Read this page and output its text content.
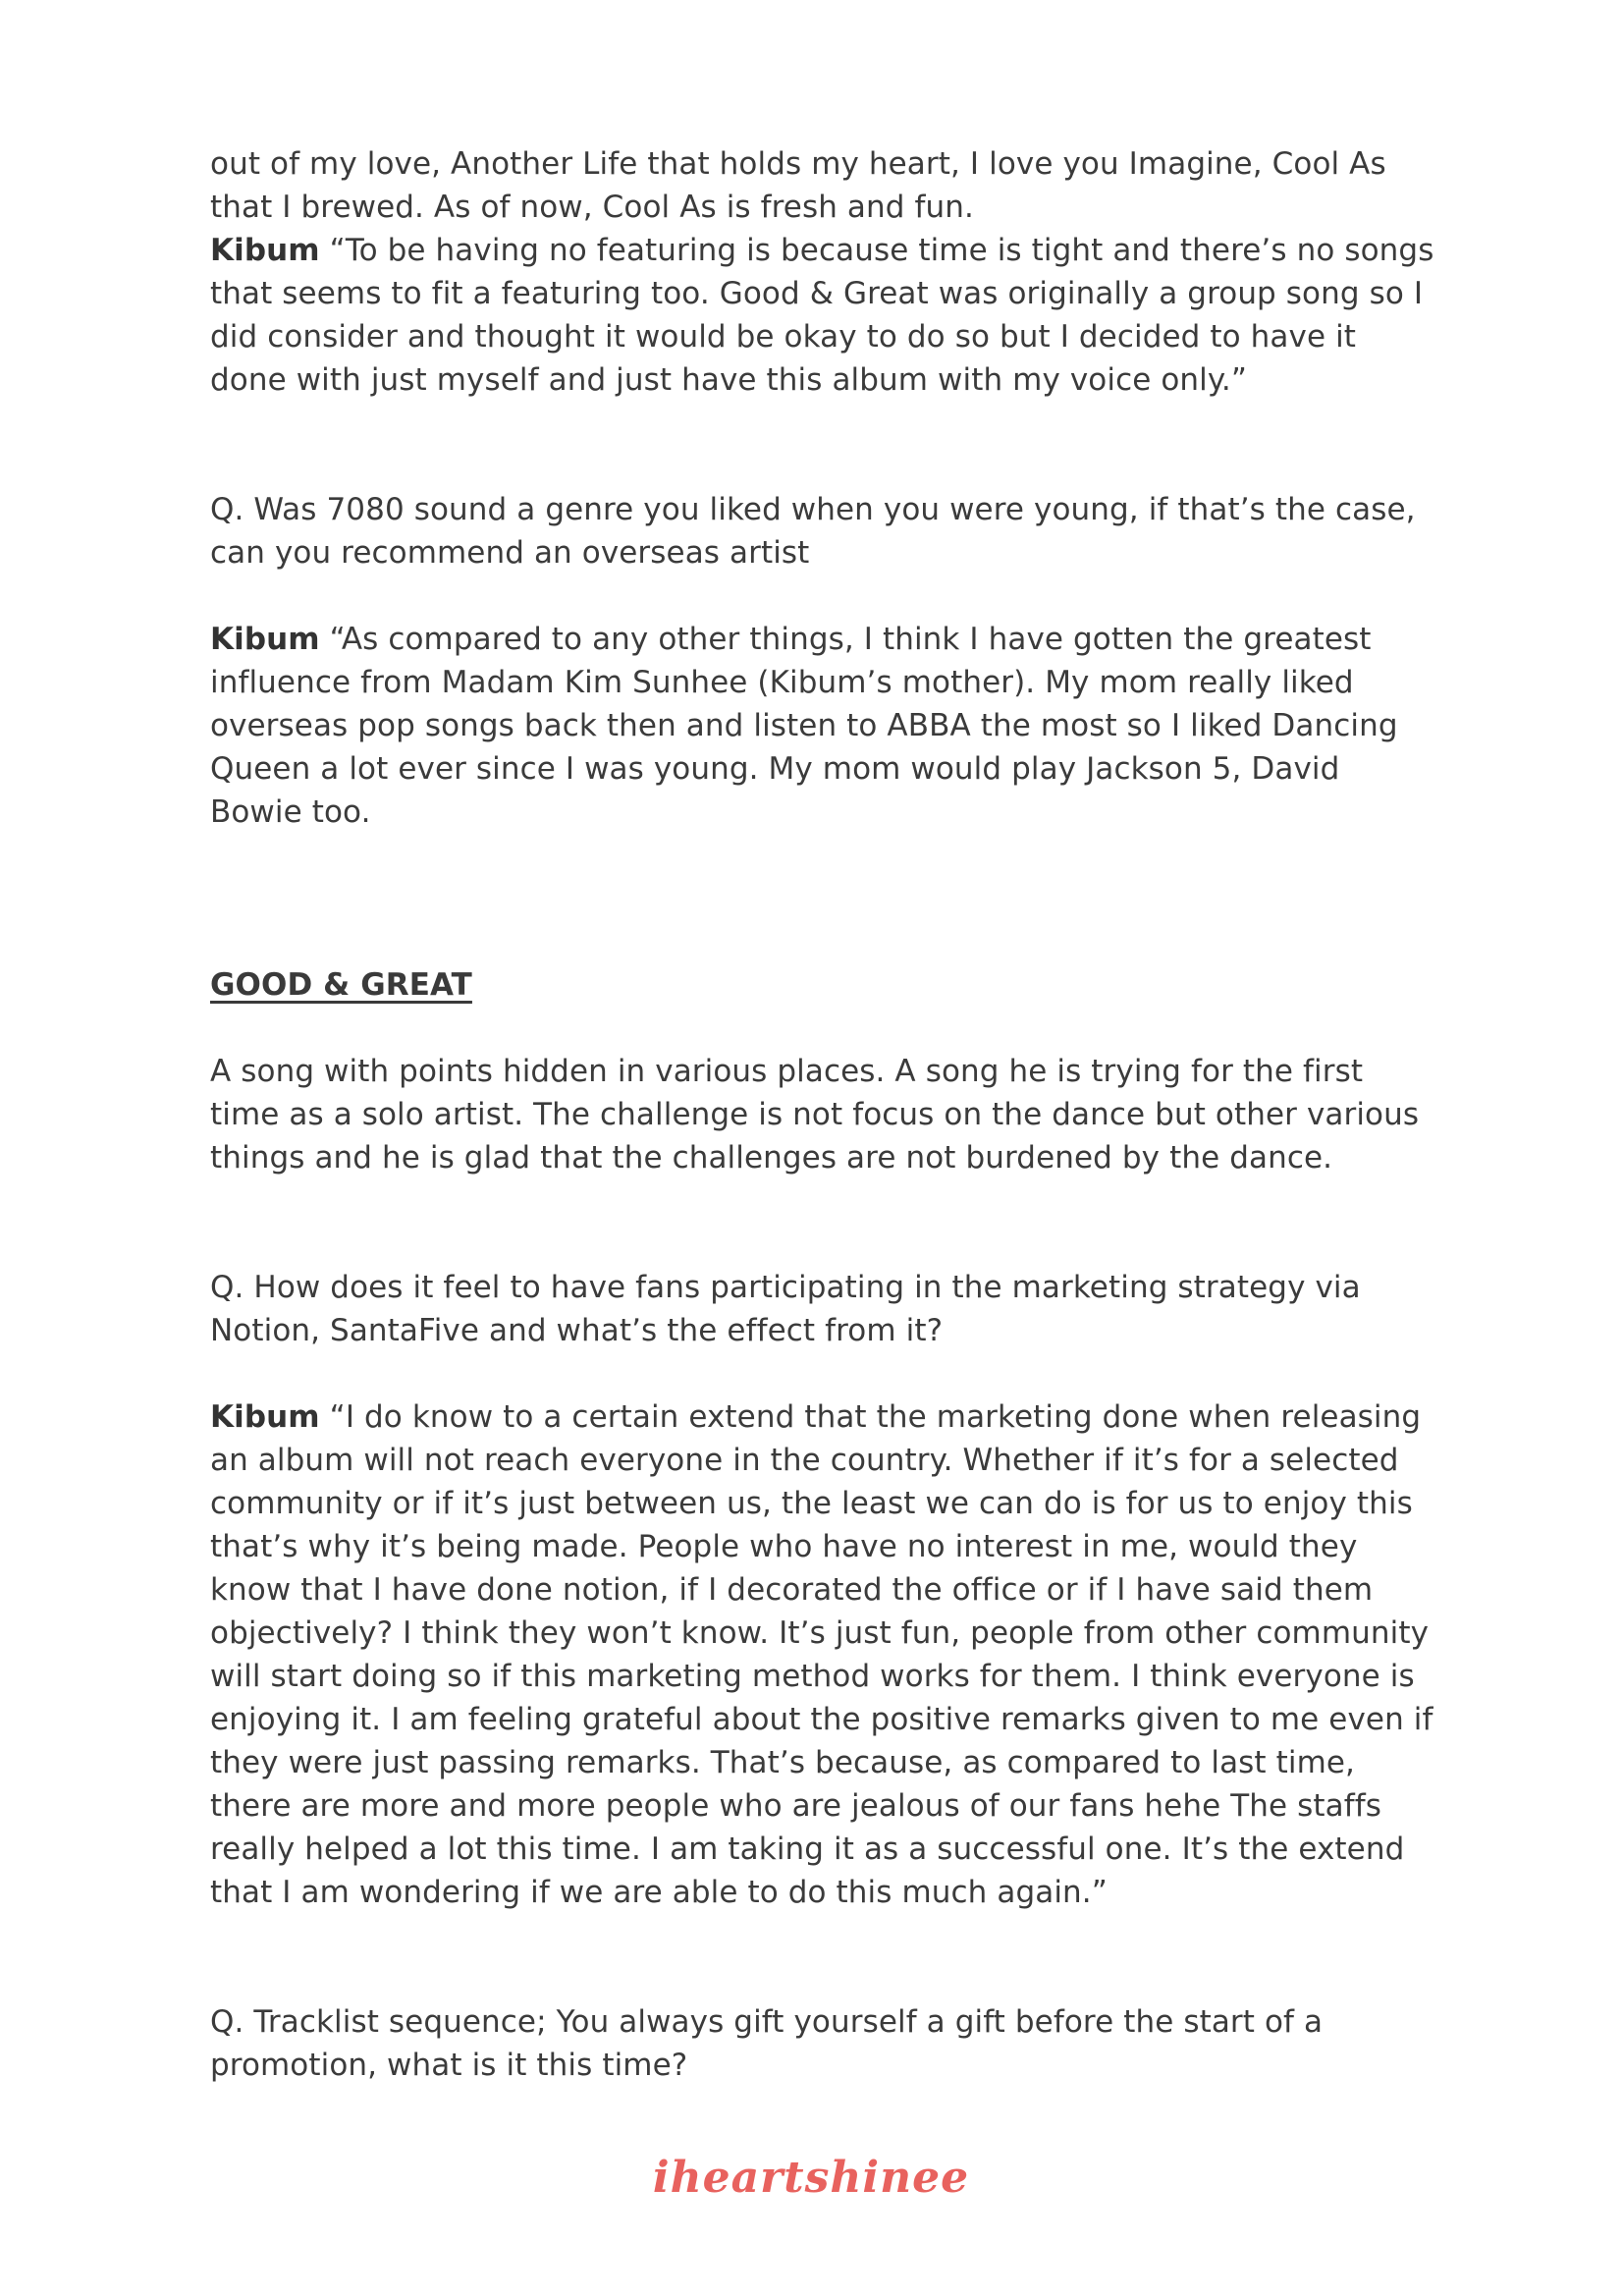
out of my love, Another Life that holds my heart, I love you Imagine, Cool As that I brewed. As of now, Cool As is fresh and fun.

Kibum “To be having no featuring is because time is tight and there’s no songs that seems to fit a featuring too. Good & Great was originally a group song so I did consider and thought it would be okay to do so but I decided to have it done with just myself and just have this album with my voice only.”

Q. Was 7080 sound a genre you liked when you were young, if that’s the case, can you recommend an overseas artist

Kibum “As compared to any other things, I think I have gotten the greatest influence from Madam Kim Sunhee (Kibum’s mother). My mom really liked overseas pop songs back then and listen to ABBA the most so I liked Dancing Queen a lot ever since I was young. My mom would play Jackson 5, David Bowie too.

GOOD & GREAT

A song with points hidden in various places. A song he is trying for the first time as a solo artist. The challenge is not focus on the dance but other various things and he is glad that the challenges are not burdened by the dance.

Q. How does it feel to have fans participating in the marketing strategy via Notion, SantaFive and what’s the effect from it?

Kibum “I do know to a certain extend that the marketing done when releasing an album will not reach everyone in the country. Whether if it’s for a selected community or if it’s just between us, the least we can do is for us to enjoy this that’s why it’s being made. People who have no interest in me, would they know that I have done notion, if I decorated the office or if I have said them objectively? I think they won’t know. It’s just fun, people from other community will start doing so if this marketing method works for them. I think everyone is enjoying it. I am feeling grateful about the positive remarks given to me even if they were just passing remarks. That’s because, as compared to last time, there are more and more people who are jealous of our fans hehe The staffs really helped a lot this time. I am taking it as a successful one. It’s the extend that I am wondering if we are able to do this much again.”

Q. Tracklist sequence; You always gift yourself a gift before the start of a promotion, what is it this time?

iheartshinee
